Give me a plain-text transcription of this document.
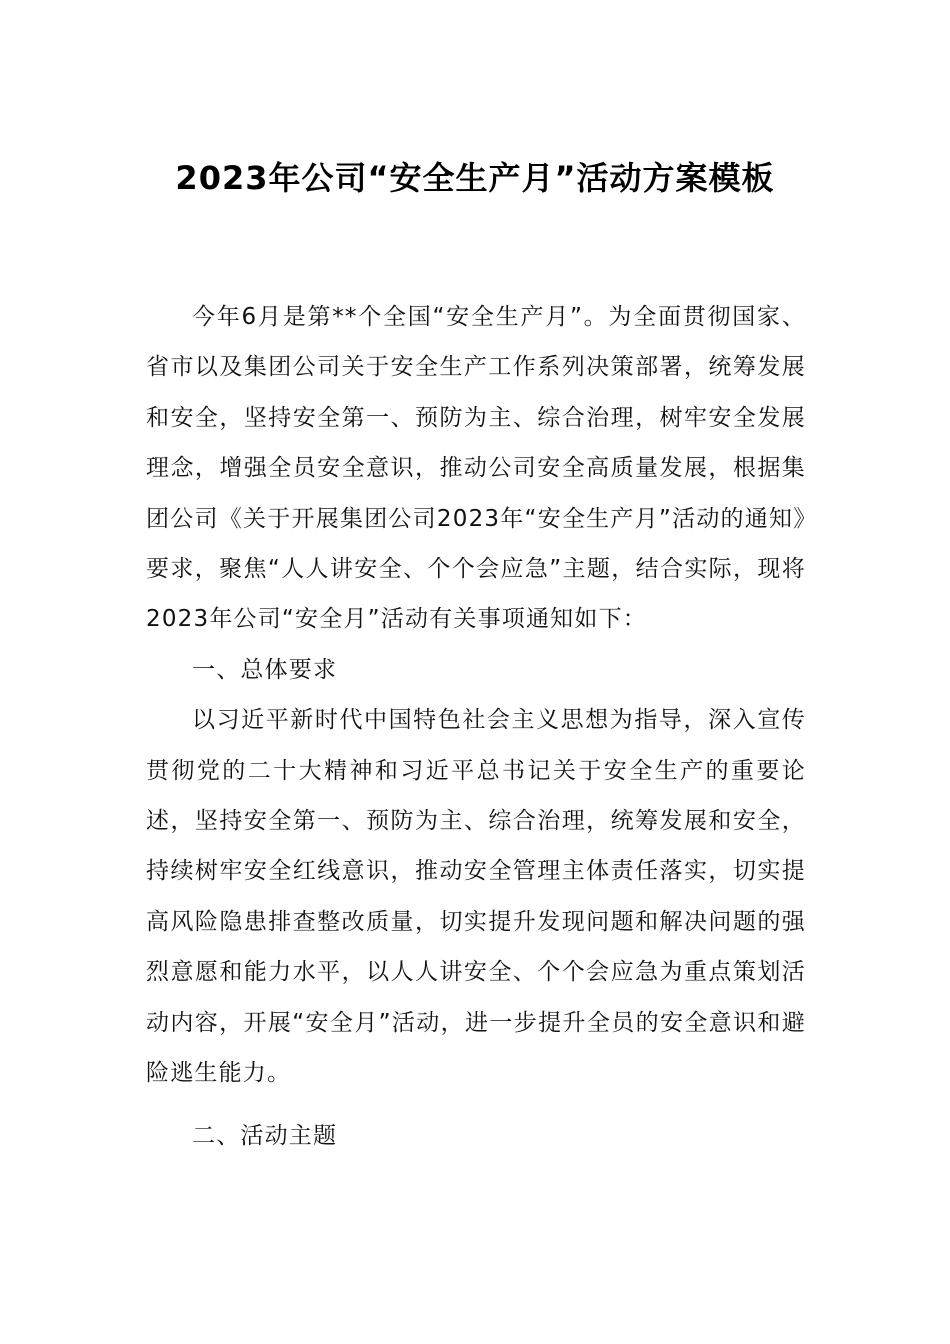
2023年公司“安全生产月”活动方案模板

今年6月是第**个全国“安全生产月”。为全面贯彻国家、省市以及集团公司关于安全生产工作系列决策部署，统筹发展和安全，坚持安全第一、预防为主、综合治理，树牢安全发展理念，增强全员安全意识，推动公司安全高质量发展，根据集团公司《关于开展集团公司2023年“安全生产月”活动的通知》要求，聚焦“人人讲安全、个个会应急”主题，结合实际，现将2023年公司“安全月”活动有关事项通知如下：

一、总体要求

以习近平新时代中国特色社会主义思想为指导，深入宣传贯彻党的二十大精神和习近平总书记关于安全生产的重要论述，坚持安全第一、预防为主、综合治理，统筹发展和安全，持续树牢安全红线意识，推动安全管理主体责任落实，切实提高风险隐患排查整改质量，切实提升发现问题和解决问题的强烈意愿和能力水平，以人人讲安全、个个会应急为重点策划活动内容，开展“安全月”活动，进一步提升全员的安全意识和避险逃生能力。

二、活动主题
